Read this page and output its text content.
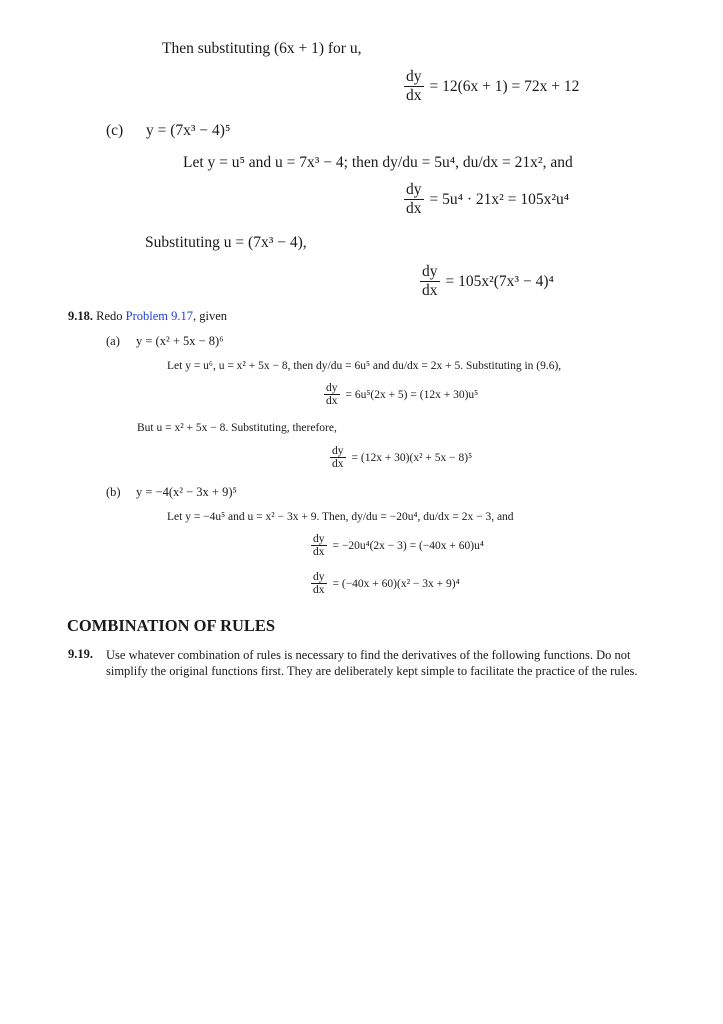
Then substituting (6x + 1) for u,
$\frac{dy}{dx} = 12(6x + 1) = 72x + 12$
(c) y = (7x³ − 4)⁵
Let y = u⁵ and u = 7x³ − 4; then dy/du = 5u⁴, du/dx = 21x², and
$\frac{dy}{dx} = 5u^4 \cdot 21x^2 = 105x^2u^4$
Substituting u = (7x³ − 4),
$\frac{dy}{dx} = 105x^2(7x^3 - 4)^4$
9.18. Redo Problem 9.17, given
(a) y = (x² + 5x − 8)⁶
Let y = u⁶, u = x² + 5x − 8, then dy/du = 6u⁵ and du/dx = 2x + 5. Substituting in (9.6),
$\frac{dy}{dx} = 6u^5(2x + 5) = (12x + 30)u^5$
But u = x² + 5x − 8. Substituting, therefore,
$\frac{dy}{dx} = (12x + 30)(x^2 + 5x - 8)^5$
(b) y = −4(x² − 3x + 9)⁵
Let y = −4u⁵ and u = x² − 3x + 9. Then, dy/du = −20u⁴, du/dx = 2x − 3, and
$\frac{dy}{dx} = -20u^4(2x - 3) = (-40x + 60)u^4$
$\frac{dy}{dx} = (-40x + 60)(x^2 - 3x + 9)^4$
COMBINATION OF RULES
9.19. Use whatever combination of rules is necessary to find the derivatives of the following functions. Do not simplify the original functions first. They are deliberately kept simple to facilitate the practice of the rules.
